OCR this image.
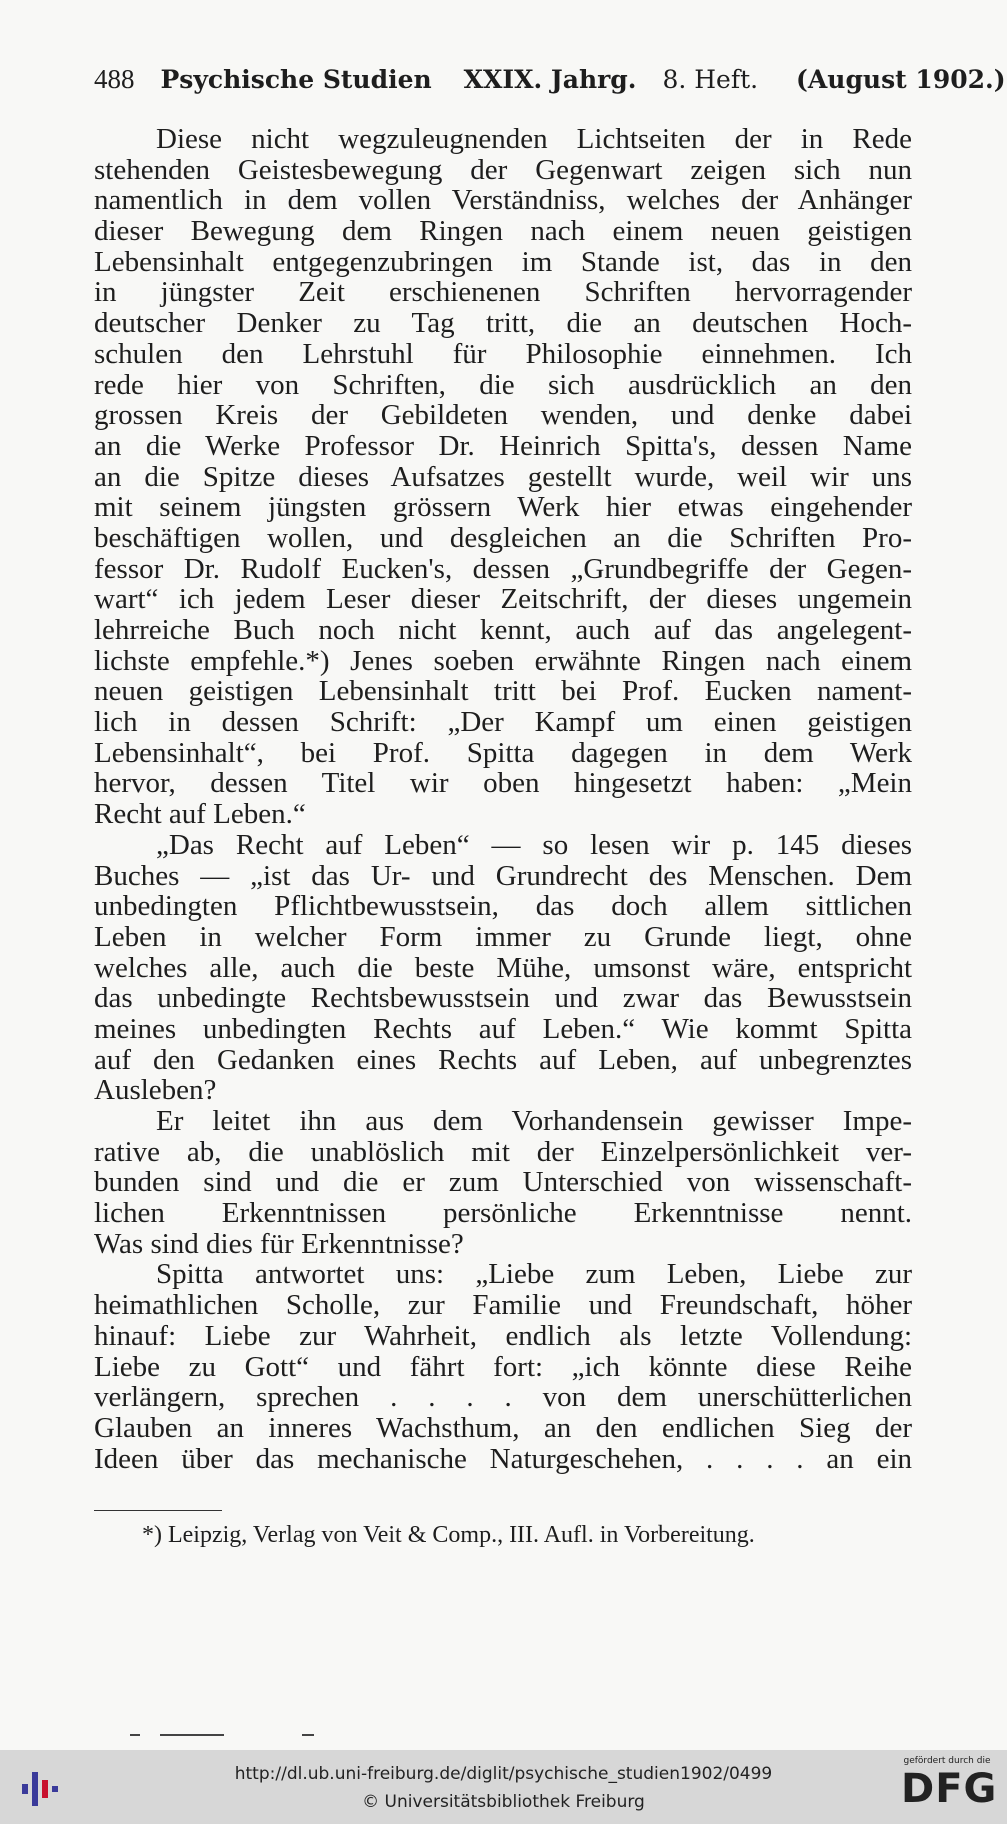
488 Psychische Studien XXIX. Jahrg. 8. Heft. (August 1902.)
Diese nicht wegzuleugnenden Lichtseiten der in Rede
stehenden Geistesbewegung der Gegenwart zeigen sich nun
namentlich in dem vollen Verständniss, welches der Anhänger
dieser Bewegung dem Ringen nach einem neuen geistigen
Lebensinhalt entgegenzubringen im Stande ist, das in den
in jüngster Zeit erschienenen Schriften hervorragender
deutscher Denker zu Tag tritt, die an deutschen Hoch-
schulen den Lehrstuhl für Philosophie einnehmen. Ich
rede hier von Schriften, die sich ausdrücklich an den
grossen Kreis der Gebildeten wenden, und denke dabei
an die Werke Professor Dr. Heinrich Spitta's, dessen Name
an die Spitze dieses Aufsatzes gestellt wurde, weil wir uns
mit seinem jüngsten grössern Werk hier etwas eingehender
beschäftigen wollen, und desgleichen an die Schriften Pro-
fessor Dr. Rudolf Eucken's, dessen „Grundbegriffe der Gegen-
wart“ ich jedem Leser dieser Zeitschrift, der dieses ungemein
lehrreiche Buch noch nicht kennt, auch auf das angelegent-
lichste empfehle.*) Jenes soeben erwähnte Ringen nach einem
neuen geistigen Lebensinhalt tritt bei Prof. Eucken nament-
lich in dessen Schrift: „Der Kampf um einen geistigen
Lebensinhalt“, bei Prof. Spitta dagegen in dem Werk
hervor, dessen Titel wir oben hingesetzt haben: „Mein
Recht auf Leben.“
„Das Recht auf Leben“ — so lesen wir p. 145 dieses
Buches — „ist das Ur- und Grundrecht des Menschen. Dem
unbedingten Pflichtbewusstsein, das doch allem sittlichen
Leben in welcher Form immer zu Grunde liegt, ohne
welches alle, auch die beste Mühe, umsonst wäre, entspricht
das unbedingte Rechtsbewusstsein und zwar das Bewusstsein
meines unbedingten Rechts auf Leben.“ Wie kommt Spitta
auf den Gedanken eines Rechts auf Leben, auf unbegrenztes
Ausleben?
Er leitet ihn aus dem Vorhandensein gewisser Impe-
rative ab, die unablöslich mit der Einzelpersönlichkeit ver-
bunden sind und die er zum Unterschied von wissenschaft-
lichen Erkenntnissen persönliche Erkenntnisse nennt.
Was sind dies für Erkenntnisse?
Spitta antwortet uns: „Liebe zum Leben, Liebe zur
heimathlichen Scholle, zur Familie und Freundschaft, höher
hinauf: Liebe zur Wahrheit, endlich als letzte Vollendung:
Liebe zu Gott“ und fährt fort: „ich könnte diese Reihe
verlängern, sprechen . . . . von dem unerschütterlichen
Glauben an inneres Wachsthum, an den endlichen Sieg der
Ideen über das mechanische Naturgeschehen, . . . . an ein
*) Leipzig, Verlag von Veit & Comp., III. Aufl. in Vorbereitung.
http://dl.ub.uni-freiburg.de/diglit/psychische_studien1902/0499
© Universitätsbibliothek Freiburg
gefördert durch die
DFG
